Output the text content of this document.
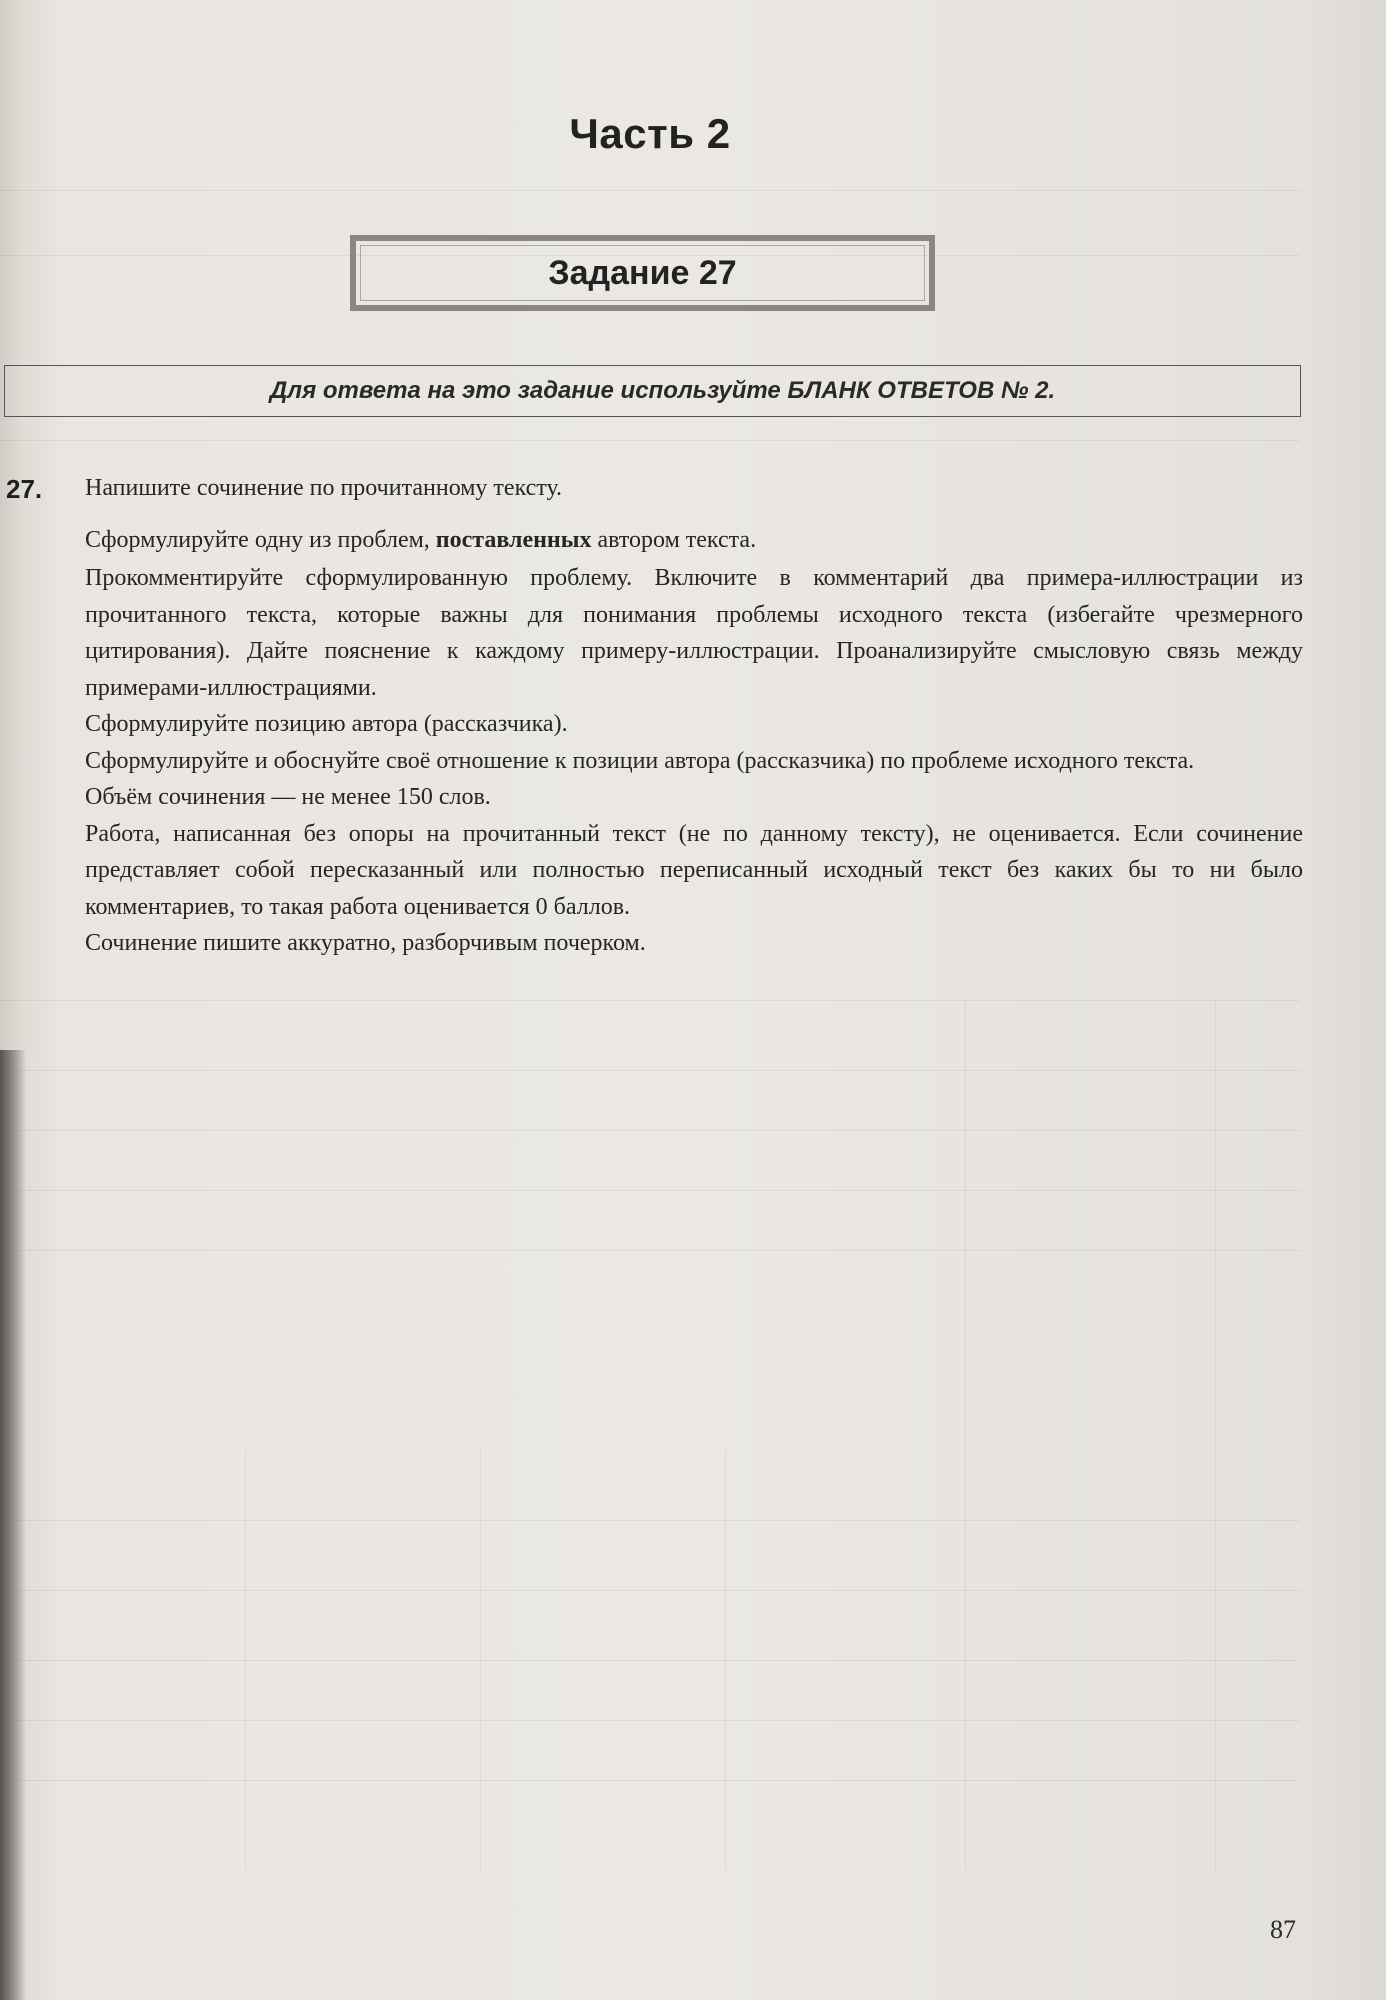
Часть 2
Задание 27
Для ответа на это задание используйте БЛАНК ОТВЕТОВ № 2.
27. Напишите сочинение по прочитанному тексту.

Сформулируйте одну из проблем, поставленных автором текста.

Прокомментируйте сформулированную проблему. Включите в комментарий два примера-иллюстрации из прочитанного текста, которые важны для понимания проблемы исходного текста (избегайте чрезмерного цитирования). Дайте пояснение к каждому примеру-иллюстрации. Проанализируйте смысловую связь между примерами-иллюстрациями.

Сформулируйте позицию автора (рассказчика).

Сформулируйте и обоснуйте своё отношение к позиции автора (рассказчика) по проблеме исходного текста.

Объём сочинения — не менее 150 слов.

Работа, написанная без опоры на прочитанный текст (не по данному тексту), не оценивается. Если сочинение представляет собой пересказанный или полностью переписанный исходный текст без каких бы то ни было комментариев, то такая работа оценивается 0 баллов.

Сочинение пишите аккуратно, разборчивым почерком.

87
